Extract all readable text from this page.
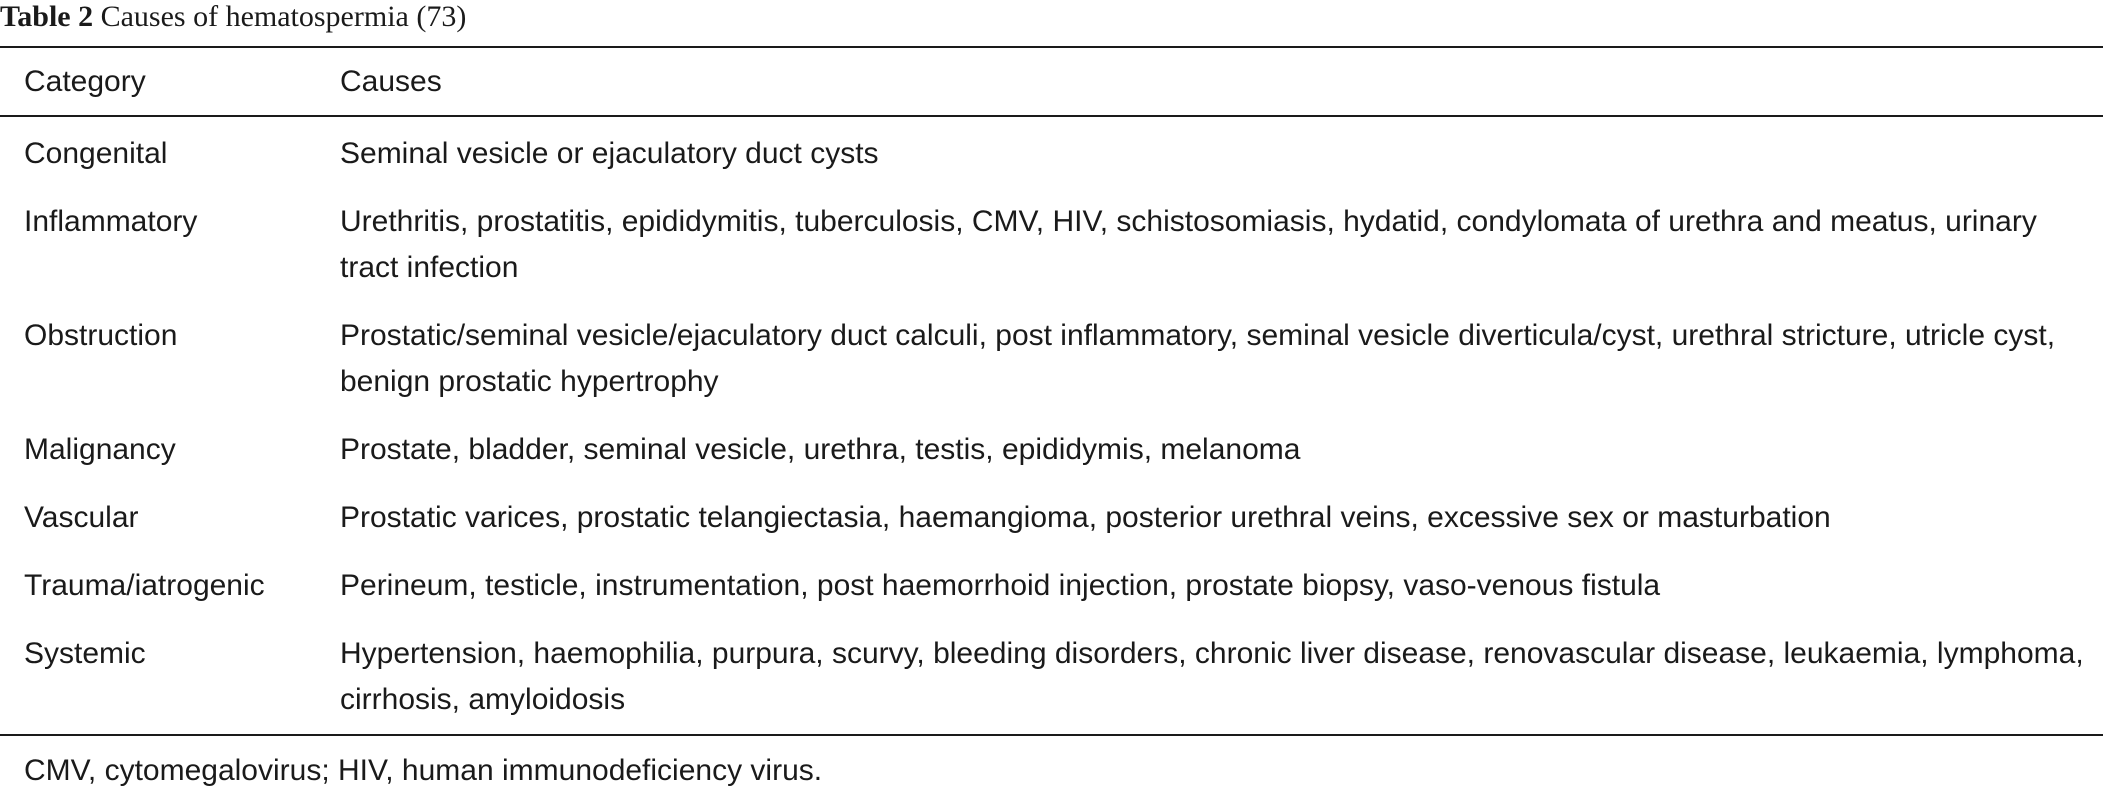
Table 2 Causes of hematospermia (73)
Category	Causes
Congenital	Seminal vesicle or ejaculatory duct cysts
Inflammatory	Urethritis, prostatitis, epididymitis, tuberculosis, CMV, HIV, schistosomiasis, hydatid, condylomata of urethra and meatus, urinary tract infection
Obstruction	Prostatic/seminal vesicle/ejaculatory duct calculi, post inflammatory, seminal vesicle diverticula/cyst, urethral stricture, utricle cyst, benign prostatic hypertrophy
Malignancy	Prostate, bladder, seminal vesicle, urethra, testis, epididymis, melanoma
Vascular	Prostatic varices, prostatic telangiectasia, haemangioma, posterior urethral veins, excessive sex or masturbation
Trauma/iatrogenic	Perineum, testicle, instrumentation, post haemorrhoid injection, prostate biopsy, vaso-venous fistula
Systemic	Hypertension, haemophilia, purpura, scurvy, bleeding disorders, chronic liver disease, renovascular disease, leukaemia, lymphoma, cirrhosis, amyloidosis
CMV, cytomegalovirus; HIV, human immunodeficiency virus.
